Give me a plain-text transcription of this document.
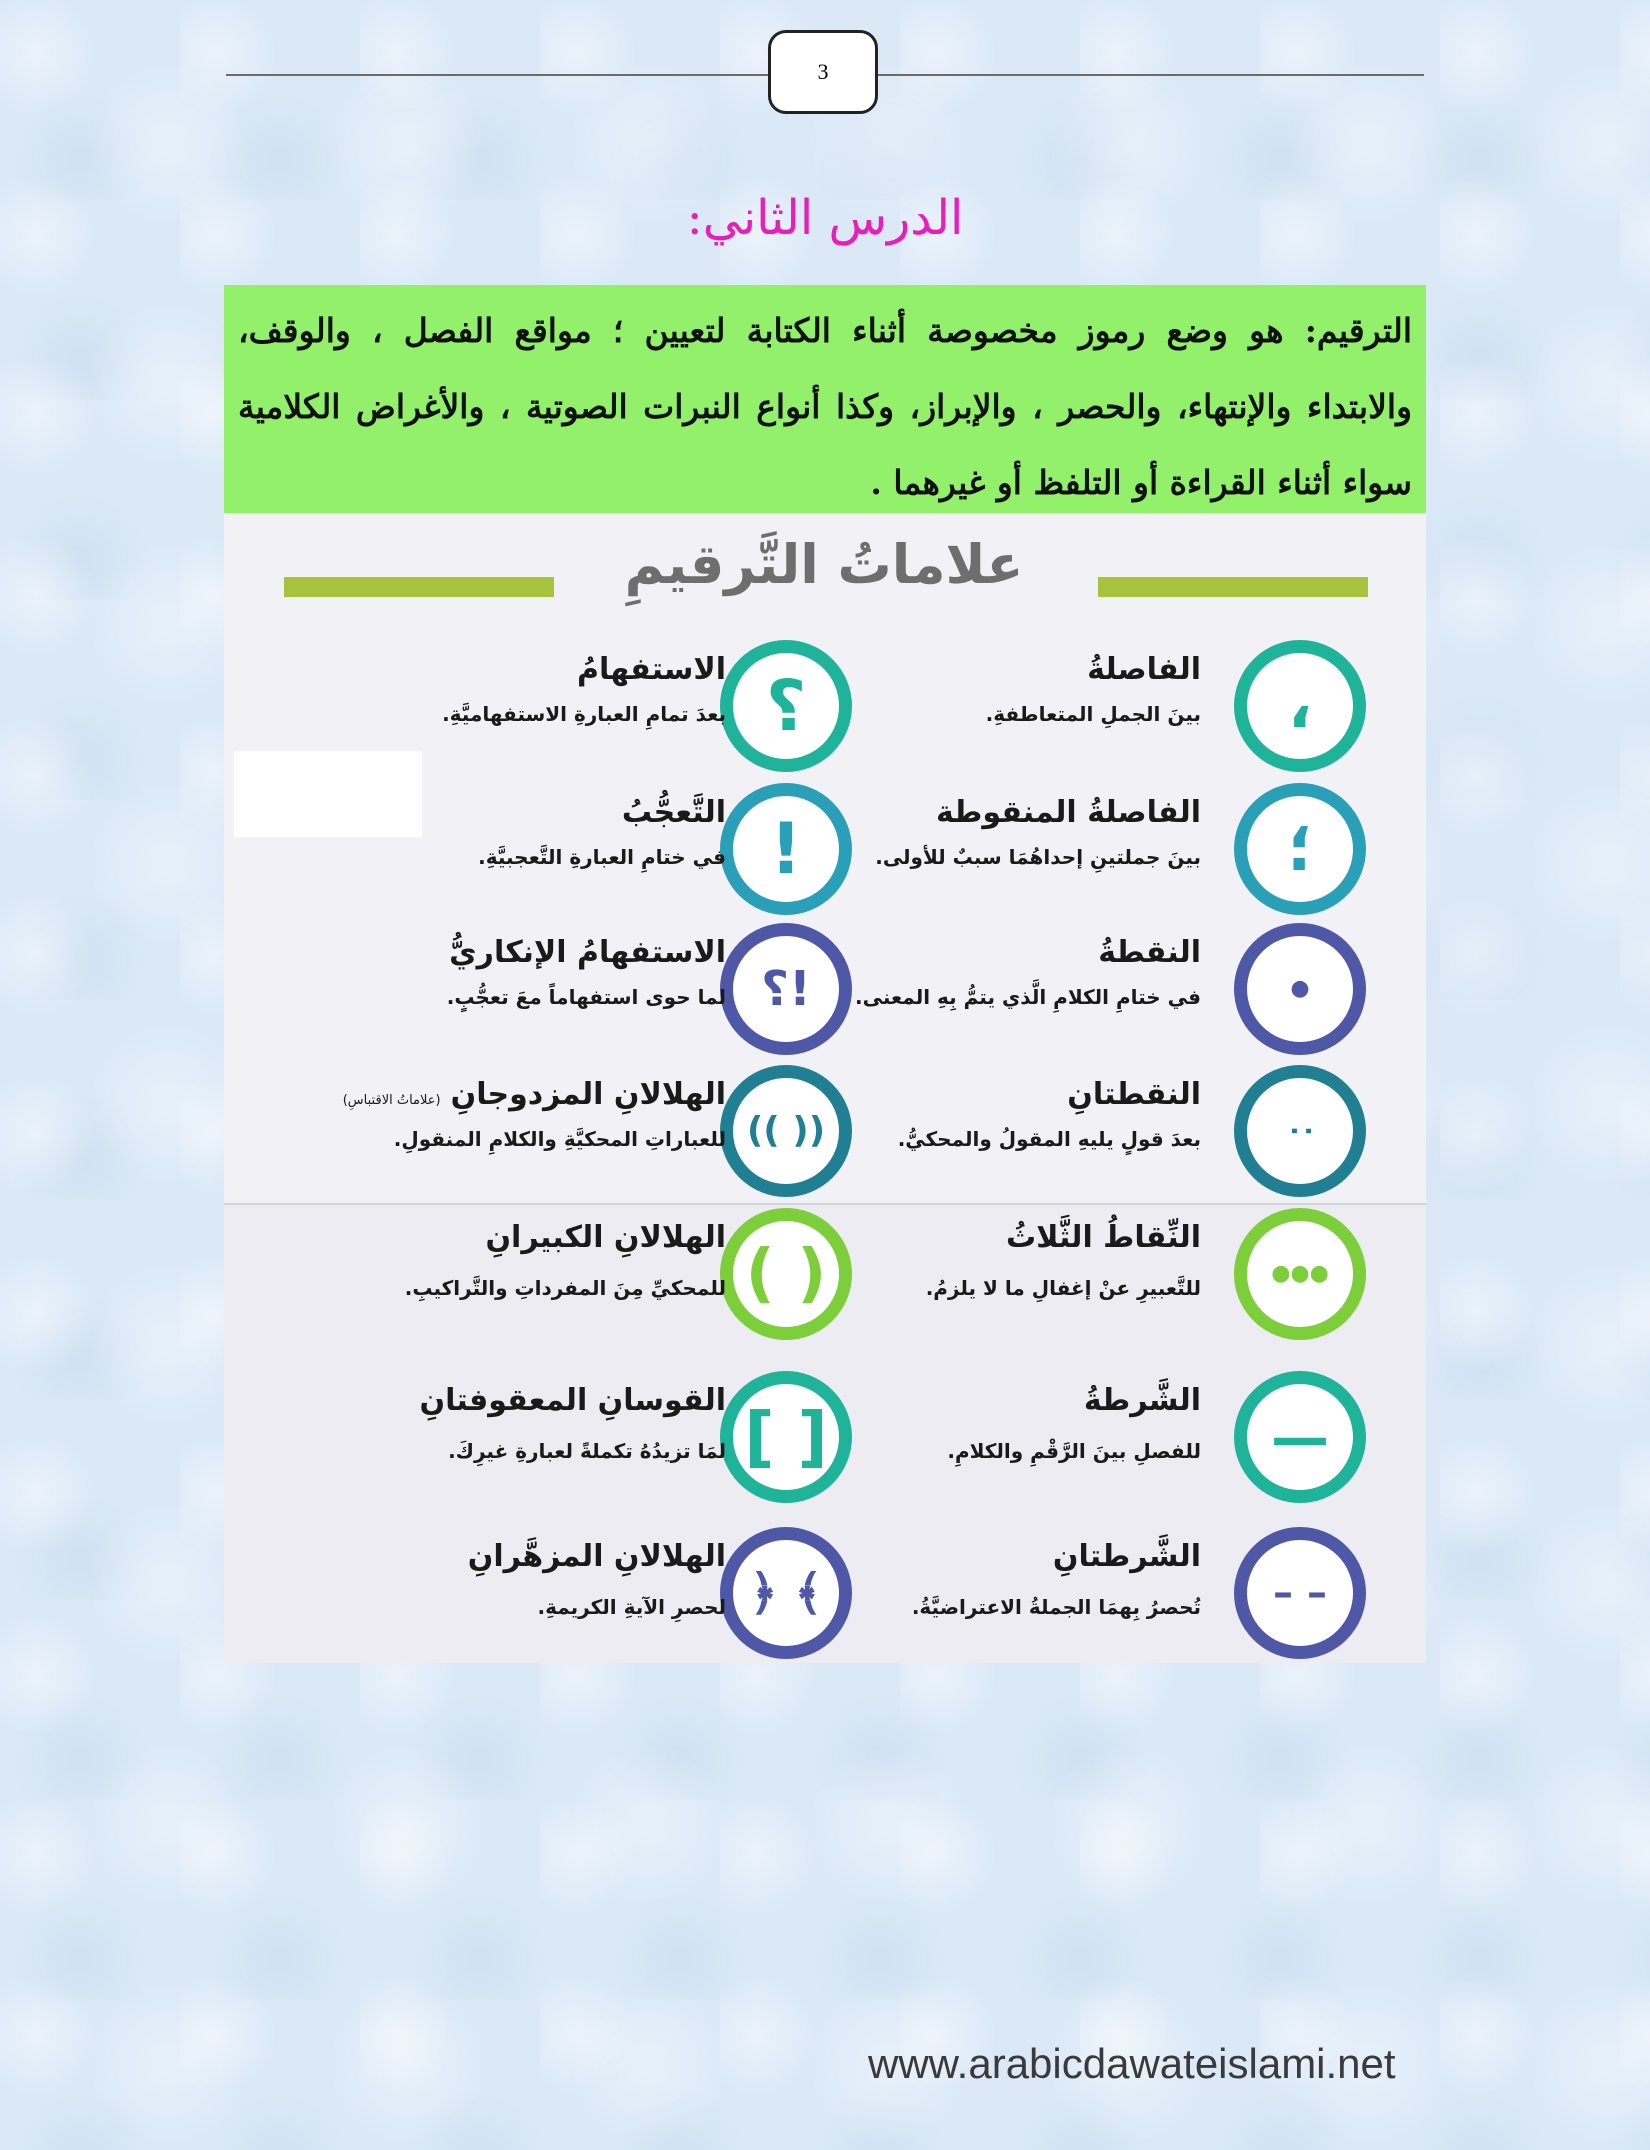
3
الدرس الثاني:
الترقيم: هو وضع رموز مخصوصة أثناء الكتابة لتعيين ؛ مواقع الفصل ، والوقف، والابتداء والإنتهاء، والحصر ، والإبراز، وكذا أنواع النبرات الصوتية ، والأغراض الكلامية سواء أثناء القراءة أو التلفظ أو غيرهما .
علاماتُ التَّرقيمِ
،
الفاصلةُ
بينَ الجملِ المتعاطفةِ.
؟
الاستفهامُ
بعدَ تمامِ العبارةِ الاستفهاميَّةِ.
؛
الفاصلةُ المنقوطة
بينَ جملتينِ إحداهُمَا سببٌ للأولى.
!
التَّعجُّبُ
في ختامِ العبارةِ التَّعجبيَّةِ.
●
النقطةُ
في ختامِ الكلامِ الَّذي يتمُّ بِهِ المعنى.
؟!
الاستفهامُ الإنكاريُّ
لما حوى استفهاماً معَ تعجُّبٍ.
⁚
النقطتانِ
بعدَ قولٍ يليهِ المقولُ والمحكيُّ.
(( ))
الهلالانِ المزدوجانِ(علاماتُ الاقتباسِ)
للعباراتِ المحكيَّةِ والكلامِ المنقولِ.
●●●
النِّقاطُ الثَّلاثُ
للتَّعبيرِ عنْ إغفالِ ما لا يلزمُ.
( )
الهلالانِ الكبيرانِ
للمحكيِّ مِنَ المفرداتِ والتَّراكيبِ.
—
الشَّرطةُ
للفصلِ بينَ الرَّقْمِ والكلامِ.
[ ]
القوسانِ المعقوفتانِ
لمَا تزيدُهُ تكملةً لعبارةِ غيرِكَ.
– –
الشَّرطتانِ
تُحصرُ بِهمَا الجملةُ الاعتراضيَّةُ.
﴿ ﴾
الهلالانِ المزهَّرانِ
لحصرِ الآيةِ الكريمةِ.
www.arabicdawateislami.net
